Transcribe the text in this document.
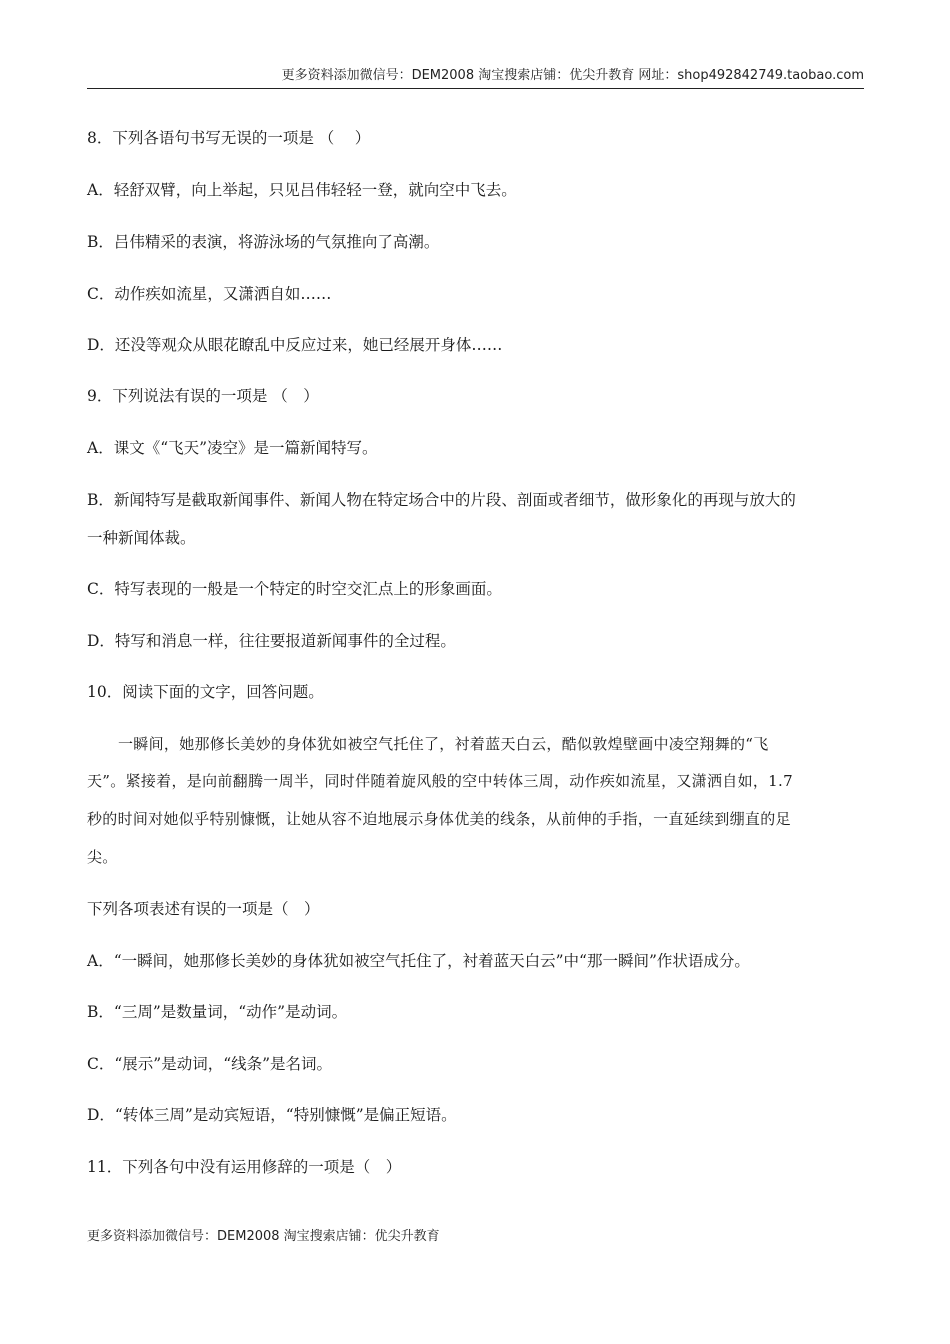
更多资料添加微信号：DEM2008 淘宝搜索店铺：优尖升教育 网址：shop492842749.taobao.com
8．下列各语句书写无误的一项是 （　 ）
A．轻舒双臂，向上举起，只见吕伟轻轻一登，就向空中飞去。
B．吕伟精采的表演，将游泳场的气氛推向了高潮。
C．动作疾如流星，又潇洒自如……
D．还没等观众从眼花瞭乱中反应过来，她已经展开身体……
9．下列说法有误的一项是 （　）
A．课文《“飞天”凌空》是一篇新闻特写。
B．新闻特写是截取新闻事件、新闻人物在特定场合中的片段、剖面或者细节，做形象化的再现与放大的
一种新闻体裁。
C．特写表现的一般是一个特定的时空交汇点上的形象画面。
D．特写和消息一样，往往要报道新闻事件的全过程。
10．阅读下面的文字，回答问题。
一瞬间，她那修长美妙的身体犹如被空气托住了，衬着蓝天白云，酷似敦煌壁画中凌空翔舞的“飞
天”。紧接着，是向前翻腾一周半，同时伴随着旋风般的空中转体三周，动作疾如流星，又潇洒自如，1.7
秒的时间对她似乎特别慷慨，让她从容不迫地展示身体优美的线条，从前伸的手指，一直延续到绷直的足
尖。
下列各项表述有误的一项是（　）
A．“一瞬间，她那修长美妙的身体犹如被空气托住了，衬着蓝天白云”中“那一瞬间”作状语成分。
B．“三周”是数量词，“动作”是动词。
C．“展示”是动词，“线条”是名词。
D．“转体三周”是动宾短语，“特别慷慨”是偏正短语。
11．下列各句中没有运用修辞的一项是（　）
更多资料添加微信号：DEM2008 淘宝搜索店铺：优尖升教育
